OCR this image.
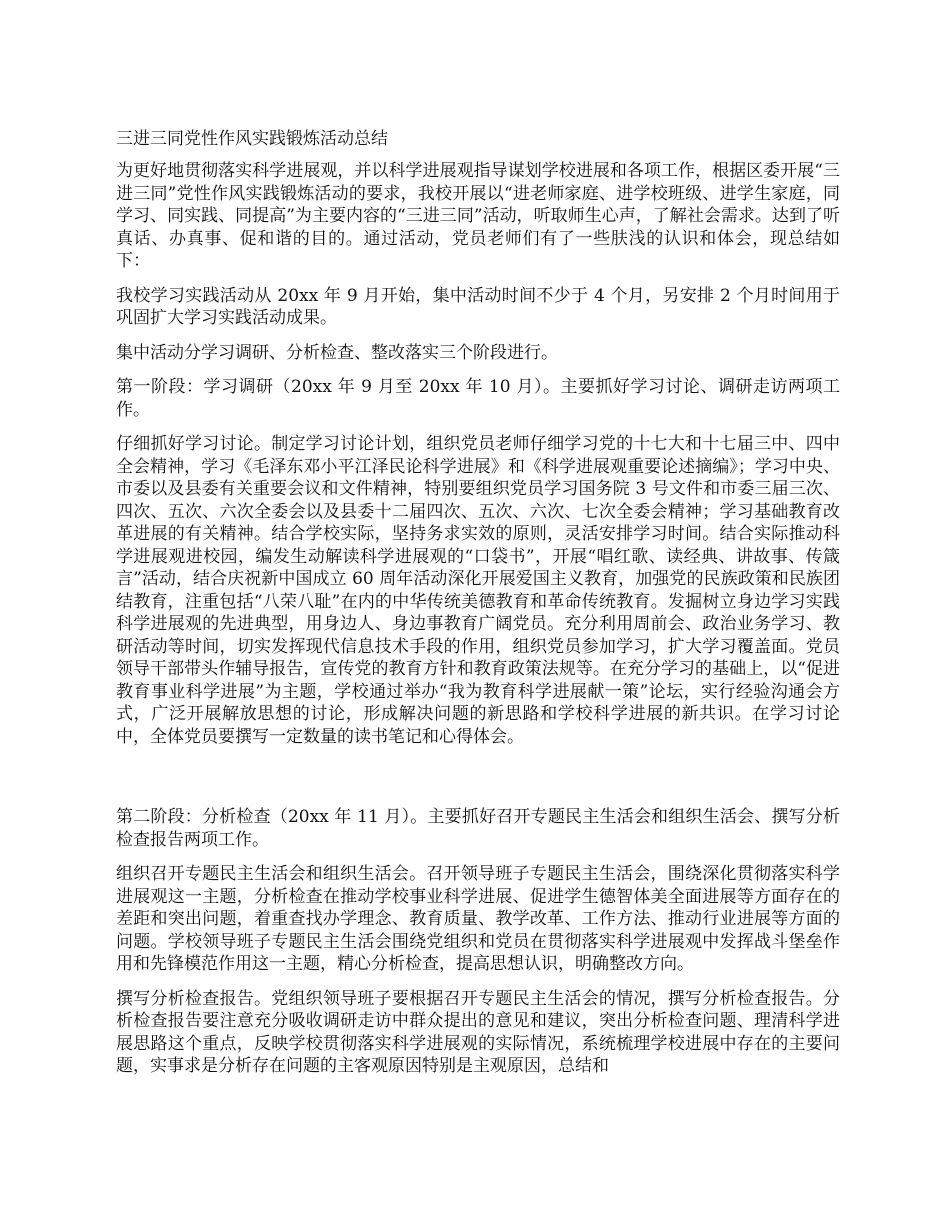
三进三同党性作风实践锻炼活动总结

为更好地贯彻落实科学进展观，并以科学进展观指导谋划学校进展和各项工作，根据区委开展“三进三同”党性作风实践锻炼活动的要求，我校开展以“进老师家庭、进学校班级、进学生家庭，同学习、同实践、同提高”为主要内容的“三进三同”活动，听取师生心声，了解社会需求。达到了听真话、办真事、促和谐的目的。通过活动，党员老师们有了一些肤浅的认识和体会，现总结如下：

我校学习实践活动从 20xx 年 9 月开始，集中活动时间不少于 4 个月，另安排 2 个月时间用于巩固扩大学习实践活动成果。

集中活动分学习调研、分析检查、整改落实三个阶段进行。

第一阶段：学习调研（20xx 年 9 月至 20xx 年 10 月）。主要抓好学习讨论、调研走访两项工作。

仔细抓好学习讨论。制定学习讨论计划，组织党员老师仔细学习党的十七大和十七届三中、四中全会精神，学习《毛泽东邓小平江泽民论科学进展》和《科学进展观重要论述摘编》；学习中央、市委以及县委有关重要会议和文件精神，特别要组织党员学习国务院 3 号文件和市委三届三次、四次、五次、六次全委会以及县委十二届四次、五次、六次、七次全委会精神；学习基础教育改革进展的有关精神。结合学校实际，坚持务求实效的原则，灵活安排学习时间。结合实际推动科学进展观进校园，编发生动解读科学进展观的“口袋书”，开展“唱红歌、读经典、讲故事、传箴言”活动，结合庆祝新中国成立 60 周年活动深化开展爱国主义教育，加强党的民族政策和民族团结教育，注重包括“八荣八耻”在内的中华传统美德教育和革命传统教育。发掘树立身边学习实践科学进展观的先进典型，用身边人、身边事教育广阔党员。充分利用周前会、政治业务学习、教研活动等时间，切实发挥现代信息技术手段的作用，组织党员参加学习，扩大学习覆盖面。党员领导干部带头作辅导报告，宣传党的教育方针和教育政策法规等。在充分学习的基础上，以“促进教育事业科学进展”为主题，学校通过举办“我为教育科学进展献一策”论坛，实行经验沟通会方式，广泛开展解放思想的讨论，形成解决问题的新思路和学校科学进展的新共识。在学习讨论中，全体党员要撰写一定数量的读书笔记和心得体会。

第二阶段：分析检查（20xx 年 11 月）。主要抓好召开专题民主生活会和组织生活会、撰写分析检查报告两项工作。

组织召开专题民主生活会和组织生活会。召开领导班子专题民主生活会，围绕深化贯彻落实科学进展观这一主题，分析检查在推动学校事业科学进展、促进学生德智体美全面进展等方面存在的差距和突出问题，着重查找办学理念、教育质量、教学改革、工作方法、推动行业进展等方面的问题。学校领导班子专题民主生活会围绕党组织和党员在贯彻落实科学进展观中发挥战斗堡垒作用和先锋模范作用这一主题，精心分析检查，提高思想认识，明确整改方向。

撰写分析检查报告。党组织领导班子要根据召开专题民主生活会的情况，撰写分析检查报告。分析检查报告要注意充分吸收调研走访中群众提出的意见和建议，突出分析检查问题、理清科学进展思路这个重点，反映学校贯彻落实科学进展观的实际情况，系统梳理学校进展中存在的主要问题，实事求是分析存在问题的主客观原因特别是主观原因，总结和
